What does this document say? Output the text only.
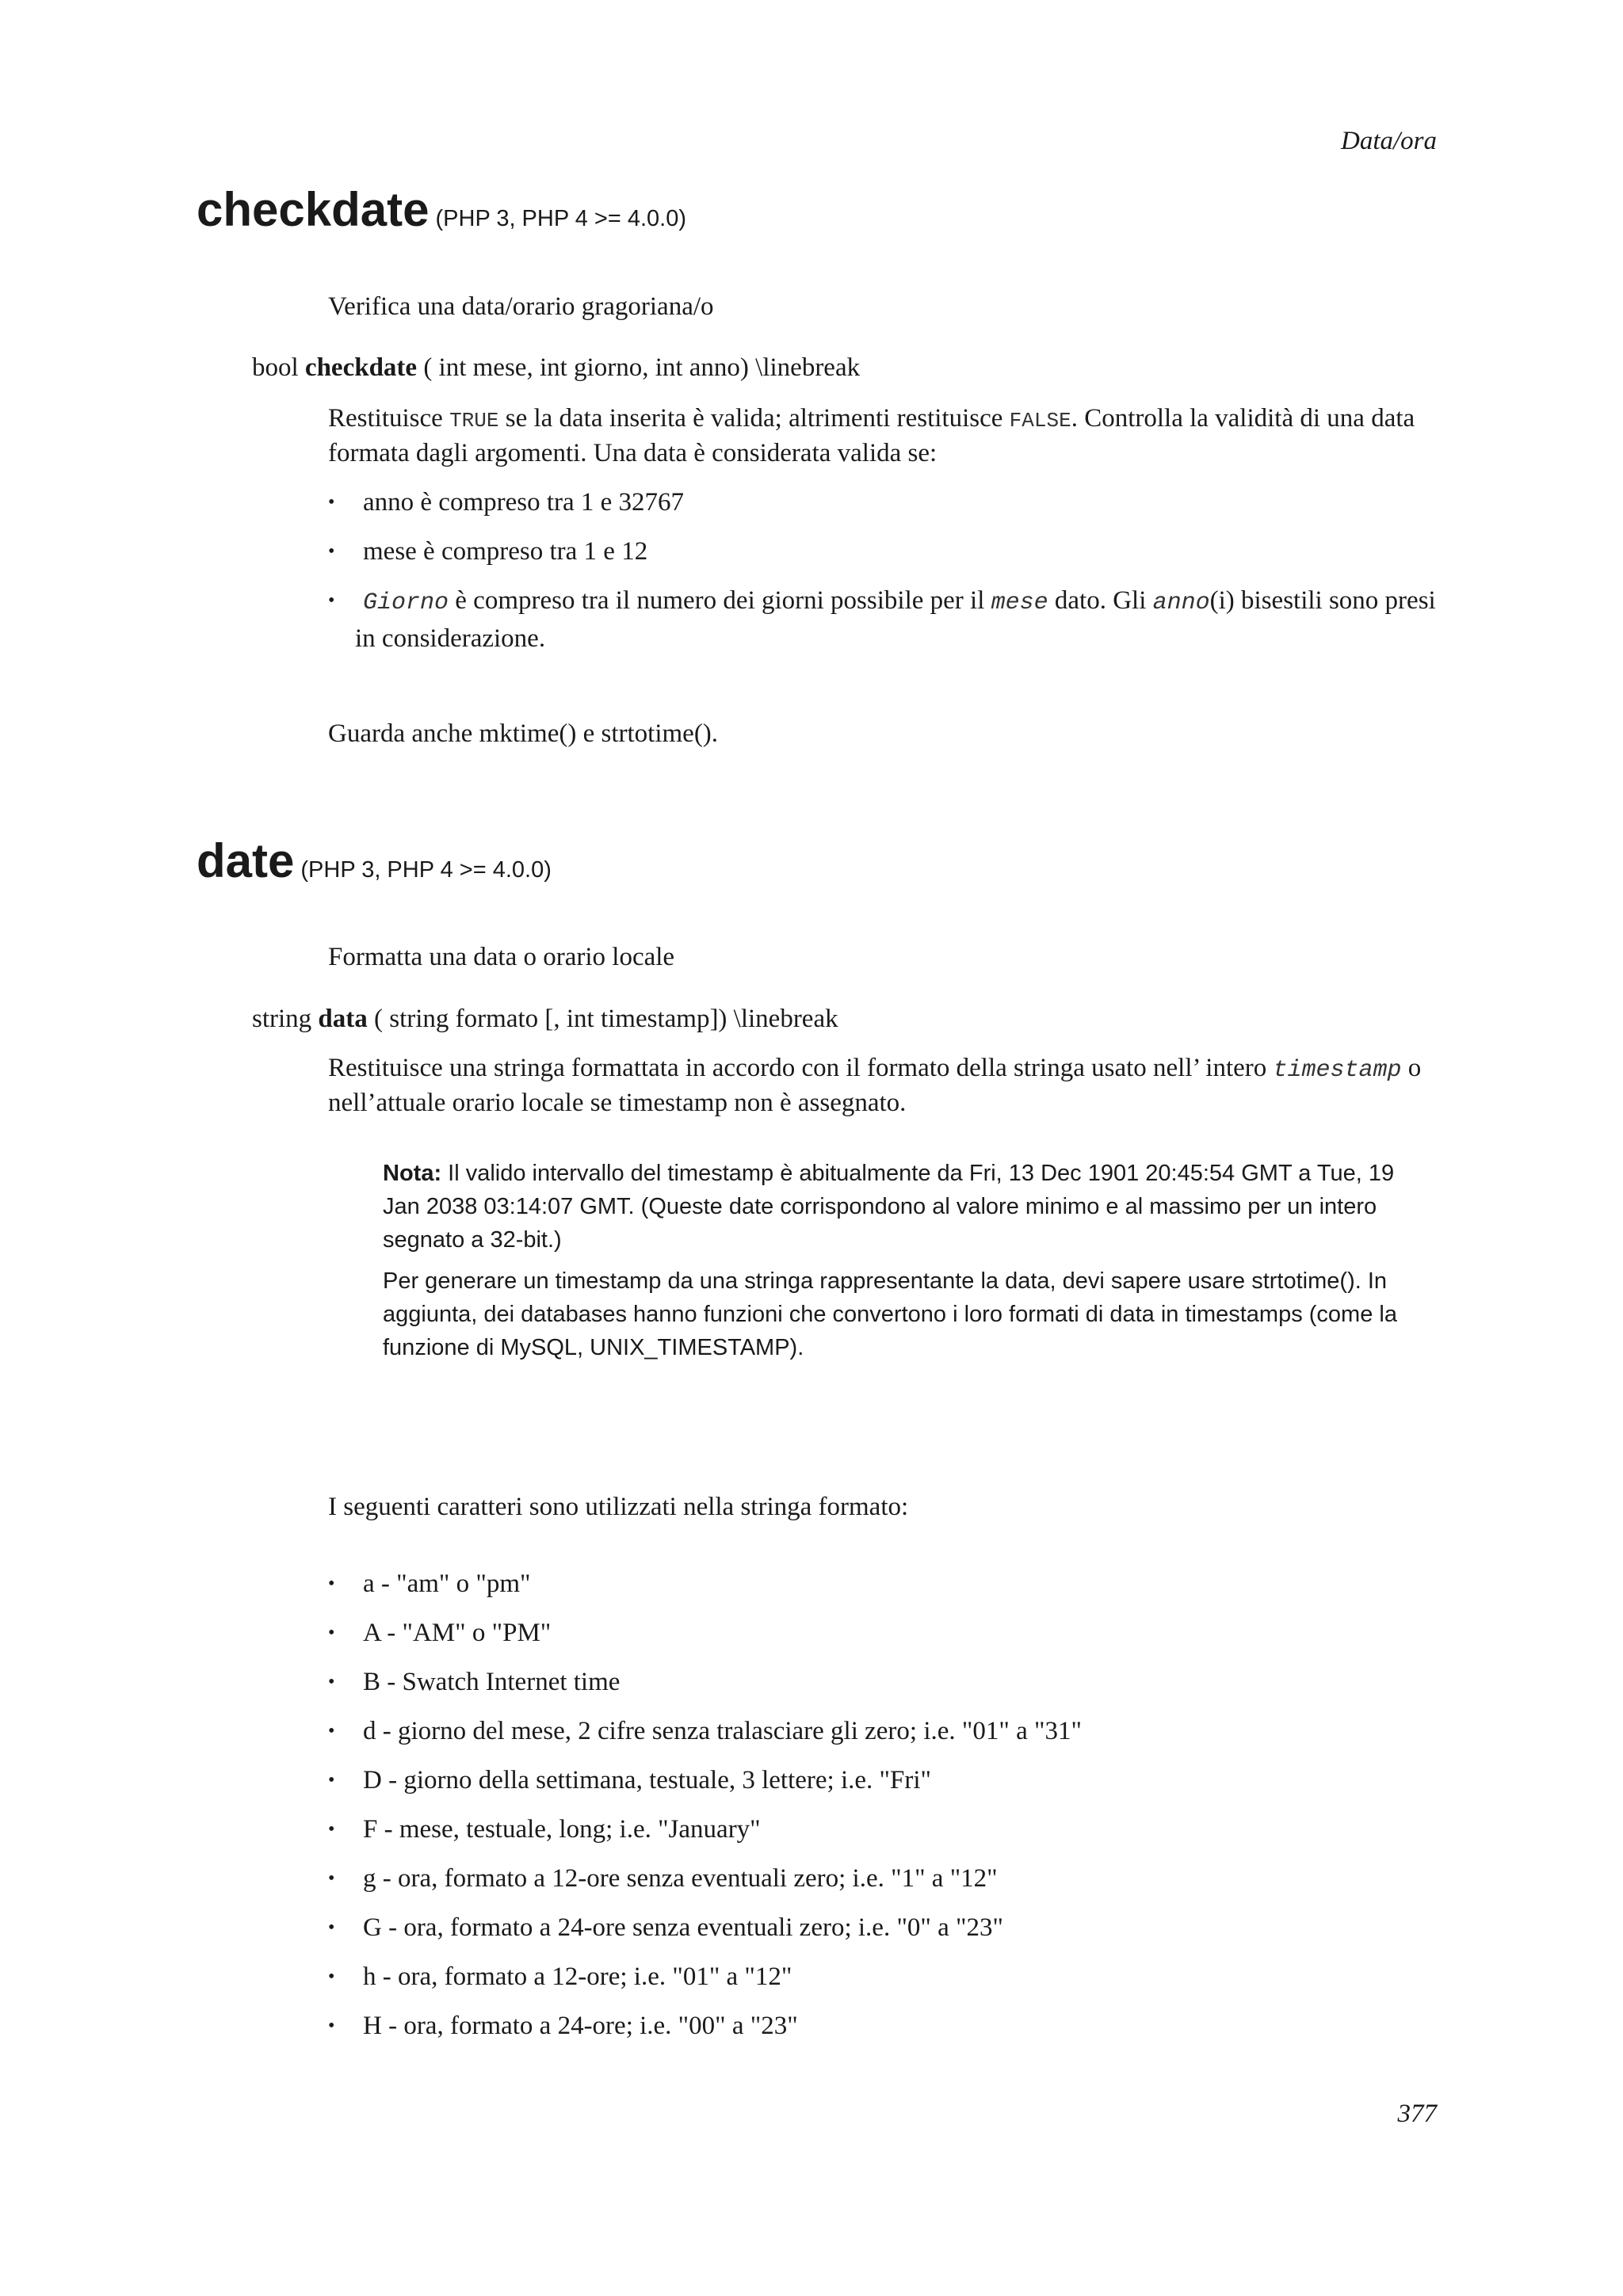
Data/ora
checkdate (PHP 3, PHP 4 >= 4.0.0)
Verifica una data/orario gragoriana/o
bool checkdate ( int mese, int giorno, int anno) \linebreak
Restituisce TRUE se la data inserita è valida; altrimenti restituisce FALSE. Controlla la validità di una data formata dagli argomenti. Una data è considerata valida se:
• anno è compreso tra 1 e 32767
• mese è compreso tra 1 e 12
•	Giorno è compreso tra il numero dei giorni possibile per il mese dato. Gli anno(i) bisestili sono presi in considerazione.
Guarda anche mktime() e strtotime().
date (PHP 3, PHP 4 >= 4.0.0)
Formatta una data o orario locale
string data ( string formato [, int timestamp]) \linebreak
Restituisce una stringa formattata in accordo con il formato della stringa usato nell’ intero timestamp o nell’attuale orario locale se timestamp non è assegnato.
Nota: Il valido intervallo del timestamp è abitualmente da Fri, 13 Dec 1901 20:45:54 GMT a Tue, 19 Jan 2038 03:14:07 GMT. (Queste date corrispondono al valore minimo e al massimo per un intero segnato a 32-bit.)
Per generare un timestamp da una stringa rappresentante la data, devi sapere usare strtotime(). In aggiunta, dei databases hanno funzioni che convertono i loro formati di data in timestamps (come la funzione di MySQL, UNIX_TIMESTAMP).
I seguenti caratteri sono utilizzati nella stringa formato:
• a - "am" o "pm"
• A - "AM" o "PM"
• B - Swatch Internet time
• d - giorno del mese, 2 cifre senza tralasciare gli zero; i.e. "01" a "31"
• D - giorno della settimana, testuale, 3 lettere; i.e. "Fri"
• F - mese, testuale, long; i.e. "January"
• g - ora, formato a 12-ore senza eventuali zero; i.e. "1" a "12"
• G - ora, formato a 24-ore senza eventuali zero; i.e. "0" a "23"
• h - ora, formato a 12-ore; i.e. "01" a "12"
• H - ora, formato a 24-ore; i.e. "00" a "23"
377
